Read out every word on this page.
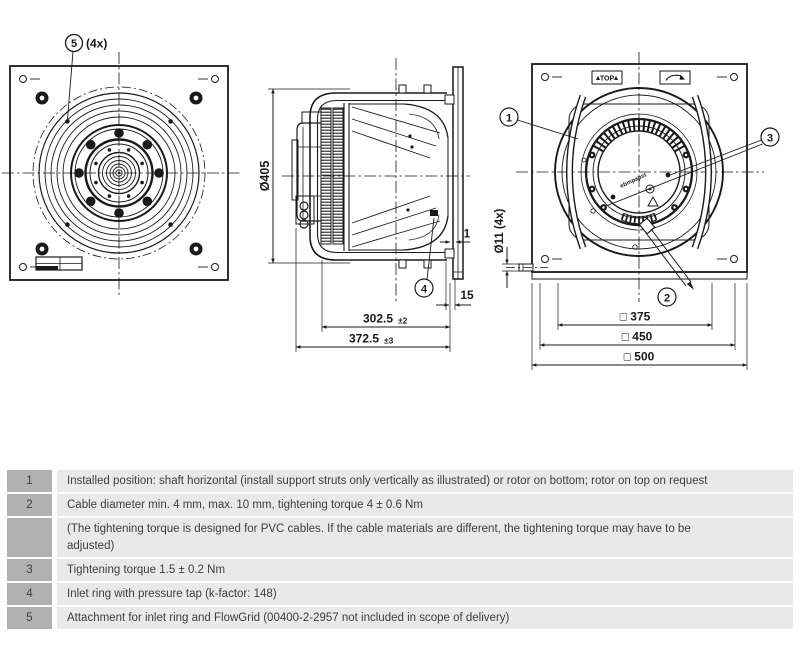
5 (4x)
Ø405
302.5 ±2
372.5 ±3
1
15
4
TOP
ebmpapst
2
1
3
Ø11 (4x)
□ 375
□ 450
□ 500
1	Installed position: shaft horizontal (install support struts only vertically as illustrated) or rotor on bottom; rotor on top on request
2	Cable diameter min. 4 mm, max. 10 mm, tightening torque 4 ± 0.6 Nm
(The tightening torque is designed for PVC cables. If the cable materials are different, the tightening torque may have to be
adjusted)
3	Tightening torque 1.5 ± 0.2 Nm
4	Inlet ring with pressure tap (k-factor: 148)
5	Attachment for inlet ring and FlowGrid (00400-2-2957 not included in scope of delivery)
